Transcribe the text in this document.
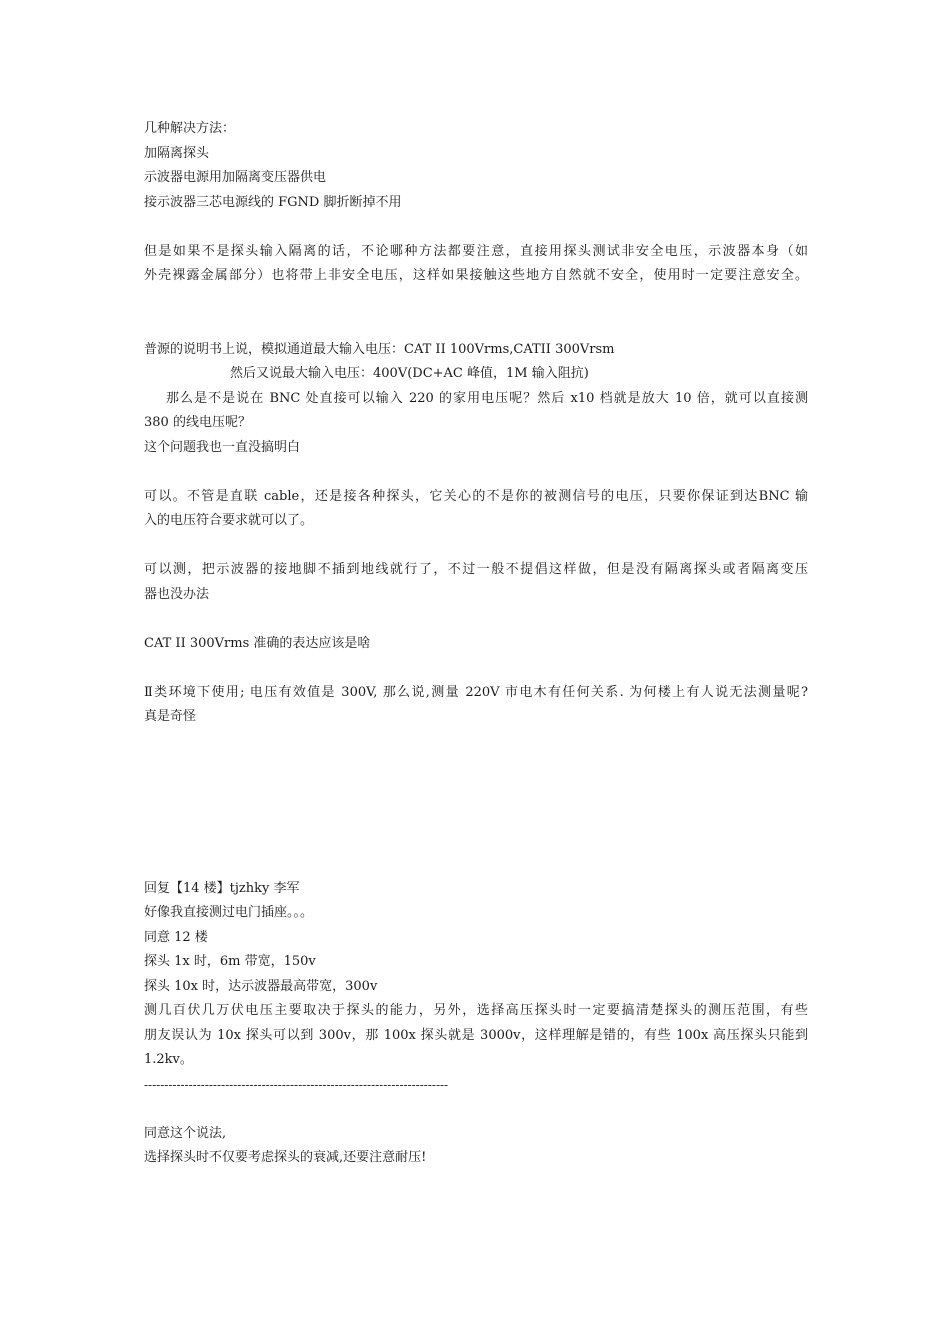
几种解决方法：
加隔离探头
示波器电源用加隔离变压器供电
接示波器三芯电源线的 FGND 脚折断掉不用
但是如果不是探头输入隔离的话，不论哪种方法都要注意，直接用探头测试非安全电压，示波器本身（如
外壳裸露金属部分）也将带上非安全电压，这样如果接触这些地方自然就不安全，使用时一定要注意安全。
普源的说明书上说，模拟通道最大输入电压：CAT II 100Vrms,CATII 300Vrsm
然后又说最大输入电压：400V(DC+AC 峰值，1M 输入阻抗)
那么是不是说在 BNC 处直接可以输入 220 的家用电压呢？然后 x10 档就是放大 10 倍，就可以直接测
380 的线电压呢？
这个问题我也一直没搞明白
可以。不管是直联 cable，还是接各种探头，它关心的不是你的被测信号的电压，只要你保证到达BNC 输
入的电压符合要求就可以了。
可以测，把示波器的接地脚不插到地线就行了，不过一般不提倡这样做，但是没有隔离探头或者隔离变压
器也没办法
CAT II 300Vrms 准确的表达应该是啥
Ⅱ类环境下使用; 电压有效值是 300V, 那么说,测量 220V 市电木有任何关系. 为何楼上有人说无法测量呢?
真是奇怪
回复【14 楼】tjzhky 李军
好像我直接测过电门插座。。。
同意 12 楼
探头 1x 时，6m 带宽，150v
探头 10x 时，达示波器最高带宽，300v
测几百伏几万伏电压主要取决于探头的能力，另外，选择高压探头时一定要搞清楚探头的测压范围，有些
朋友误认为 10x 探头可以到 300v，那 100x 探头就是 3000v，这样理解是错的，有些 100x 高压探头只能到
1.2kv。
---------------------------------------------------------------------------
同意这个说法,
选择探头时不仅要考虑探头的衰减,还要注意耐压!
